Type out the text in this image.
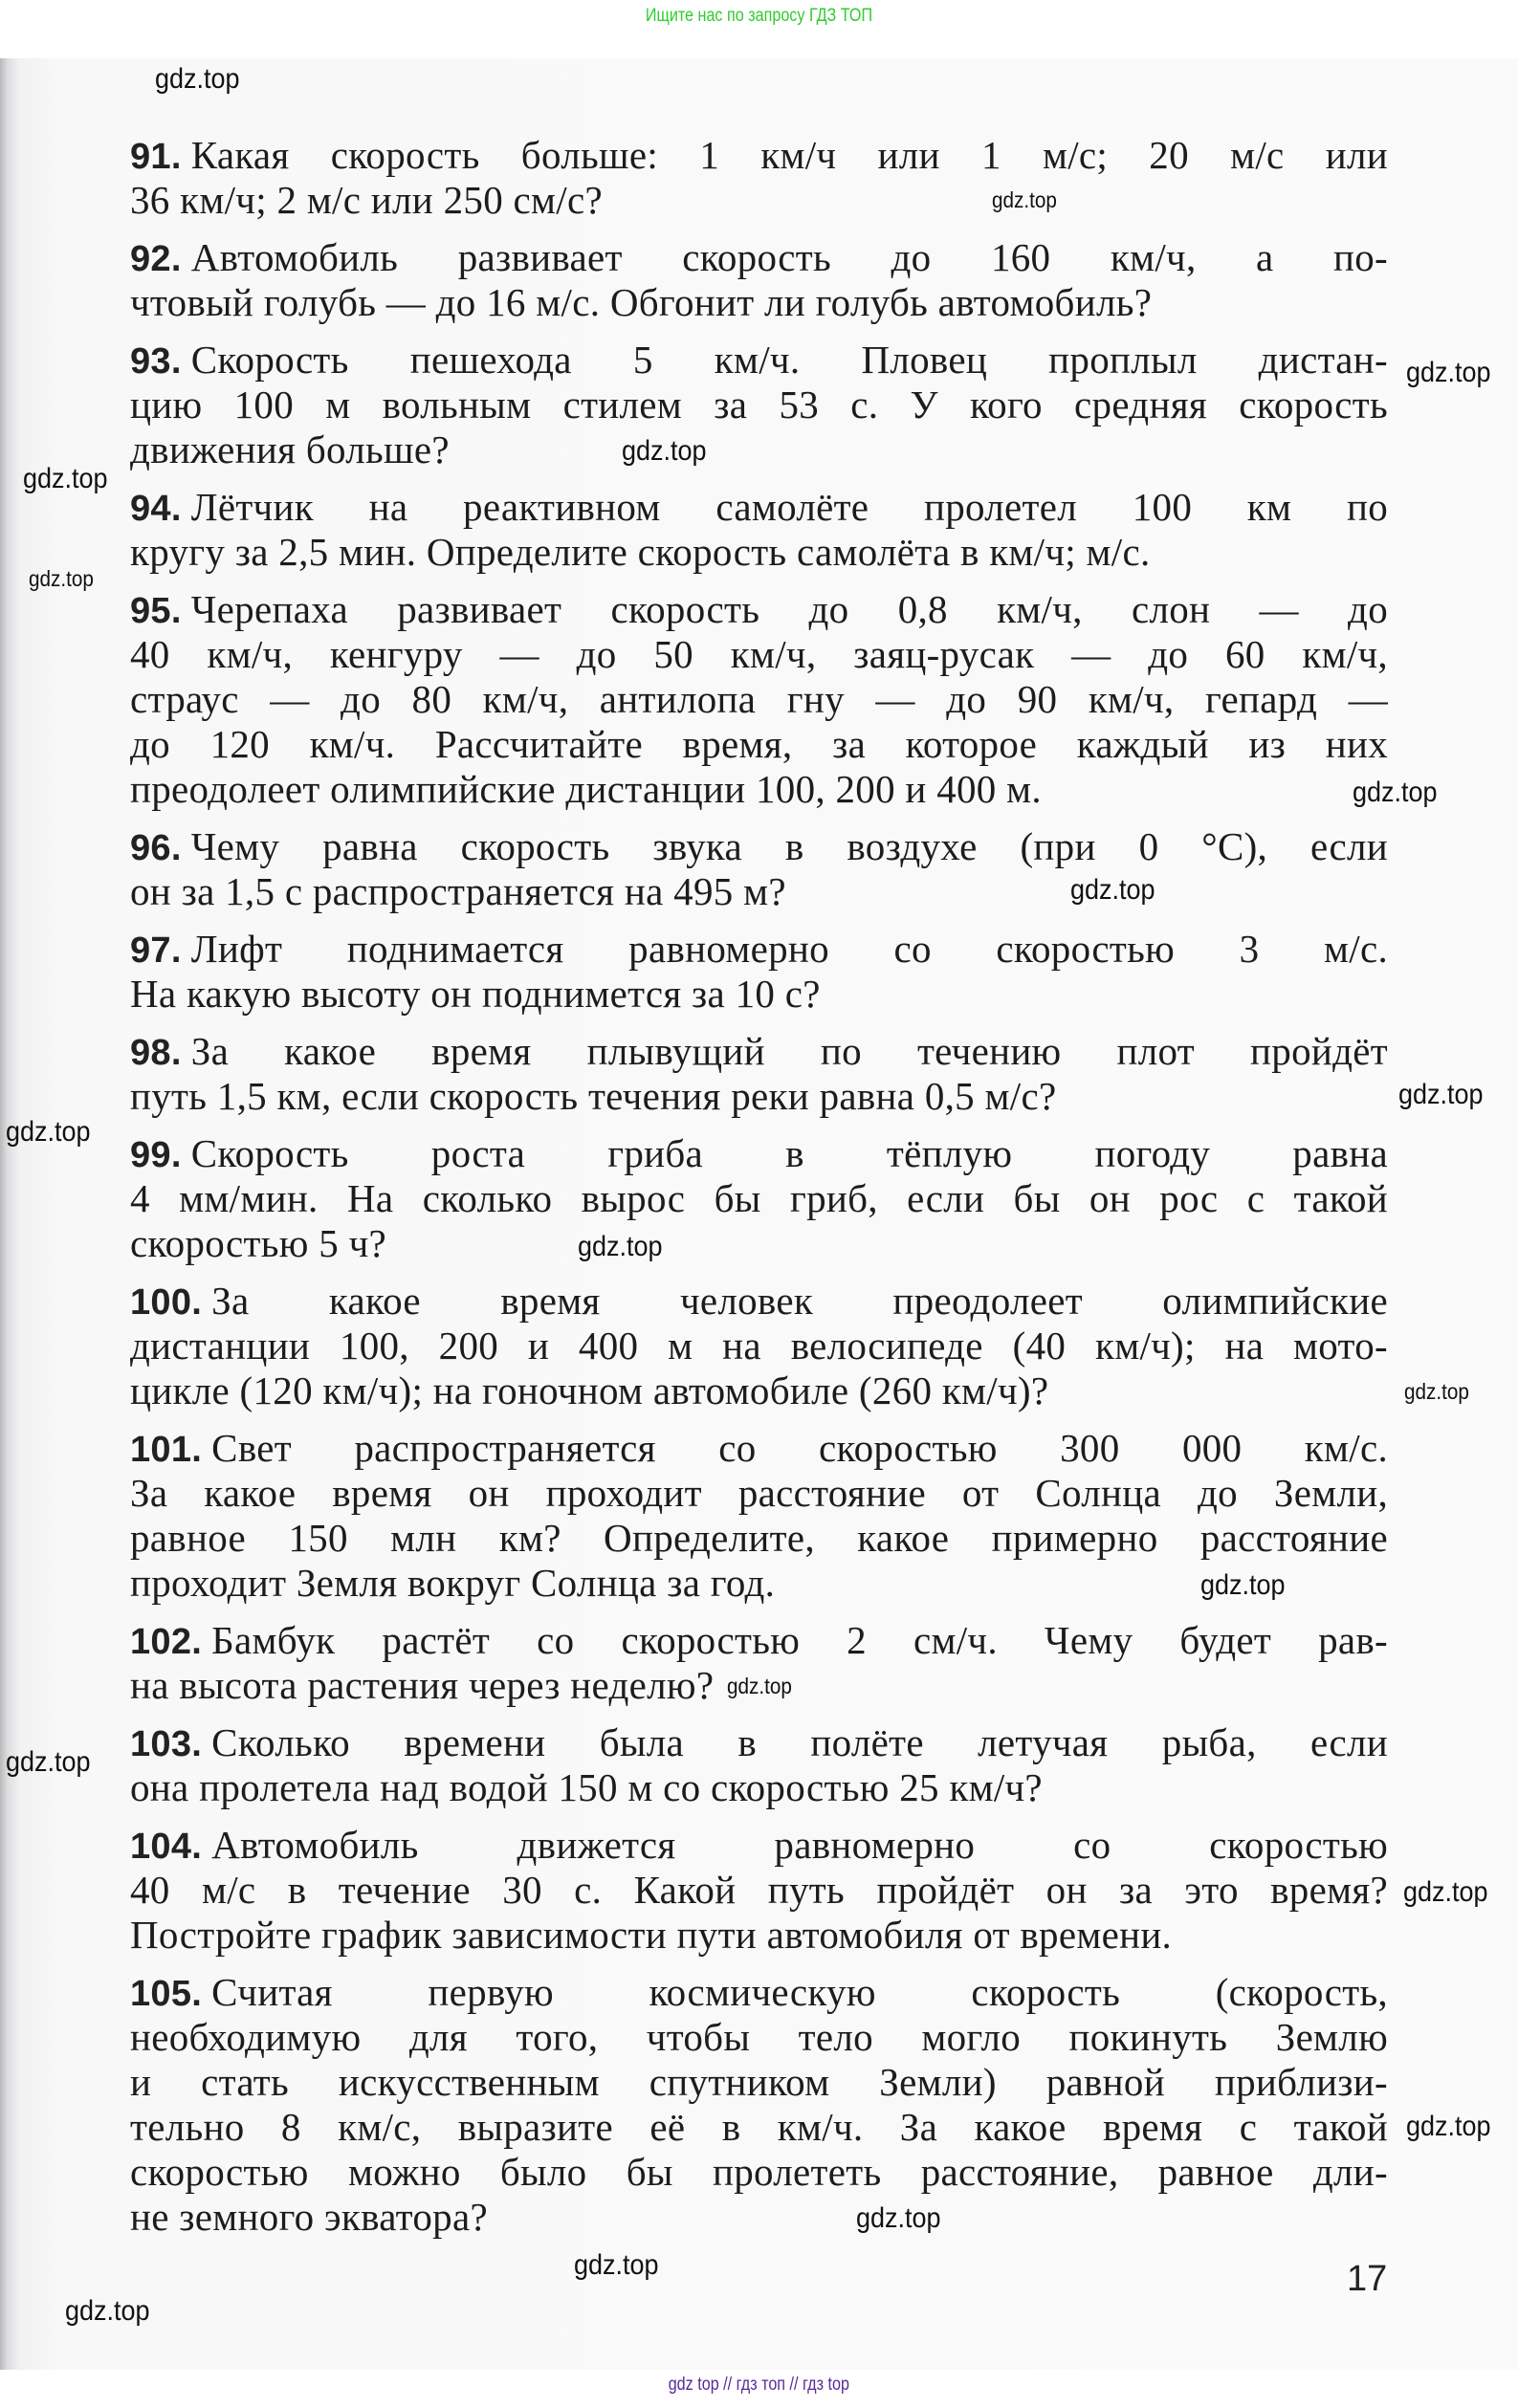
Ищите нас по запросу ГДЗ ТОП
91. Какая скорость больше: 1 км/ч или 1 м/с; 20 м/с или
36 км/ч; 2 м/с или 250 см/с?
92. Автомобиль развивает скорость до 160 км/ч, а по-
чтовый голубь — до 16 м/с. Обгонит ли голубь автомобиль?
93. Скорость пешехода 5 км/ч. Пловец проплыл дистан-
цию 100 м вольным стилем за 53 с. У кого средняя скорость
движения больше?
94. Лётчик на реактивном самолёте пролетел 100 км по
кругу за 2,5 мин. Определите скорость самолёта в км/ч; м/с.
95. Черепаха развивает скорость до 0,8 км/ч, слон — до
40 км/ч, кенгуру — до 50 км/ч, заяц-русак — до 60 км/ч,
страус — до 80 км/ч, антилопа гну — до 90 км/ч, гепард —
до 120 км/ч. Рассчитайте время, за которое каждый из них
преодолеет олимпийские дистанции 100, 200 и 400 м.
96. Чему равна скорость звука в воздухе (при 0 °С), если
он за 1,5 с распространяется на 495 м?
97. Лифт поднимается равномерно со скоростью 3 м/с.
На какую высоту он поднимется за 10 с?
98. За какое время плывущий по течению плот пройдёт
путь 1,5 км, если скорость течения реки равна 0,5 м/с?
99. Скорость роста гриба в тёплую погоду равна
4 мм/мин. На сколько вырос бы гриб, если бы он рос с такой
скоростью 5 ч?
100. За какое время человек преодолеет олимпийские
дистанции 100, 200 и 400 м на велосипеде (40 км/ч); на мото-
цикле (120 км/ч); на гоночном автомобиле (260 км/ч)?
101. Свет распространяется со скоростью 300 000 км/с.
За какое время он проходит расстояние от Солнца до Земли,
равное 150 млн км? Определите, какое примерно расстояние
проходит Земля вокруг Солнца за год.
102. Бамбук растёт со скоростью 2 см/ч. Чему будет рав-
на высота растения через неделю?
103. Сколько времени была в полёте летучая рыба, если
она пролетела над водой 150 м со скоростью 25 км/ч?
104. Автомобиль движется равномерно со скоростью
40 м/с в течение 30 с. Какой путь пройдёт он за это время?
Постройте график зависимости пути автомобиля от времени.
105. Считая первую космическую скорость (скорость,
необходимую для того, чтобы тело могло покинуть Землю
и стать искусственным спутником Земли) равной приблизи-
тельно 8 км/с, выразите её в км/ч. За какое время с такой
скоростью можно было бы пролететь расстояние, равное дли-
не земного экватора?
17
gdz.top
gdz.top
gdz.top
gdz.top
gdz.top
gdz.top
gdz.top
gdz.top
gdz.top
gdz.top
gdz.top
gdz.top
gdz.top
gdz.top
gdz.top
gdz.top
gdz.top
gdz.top
gdz.top
gdz.top
gdz top // гдз топ // гдз top
